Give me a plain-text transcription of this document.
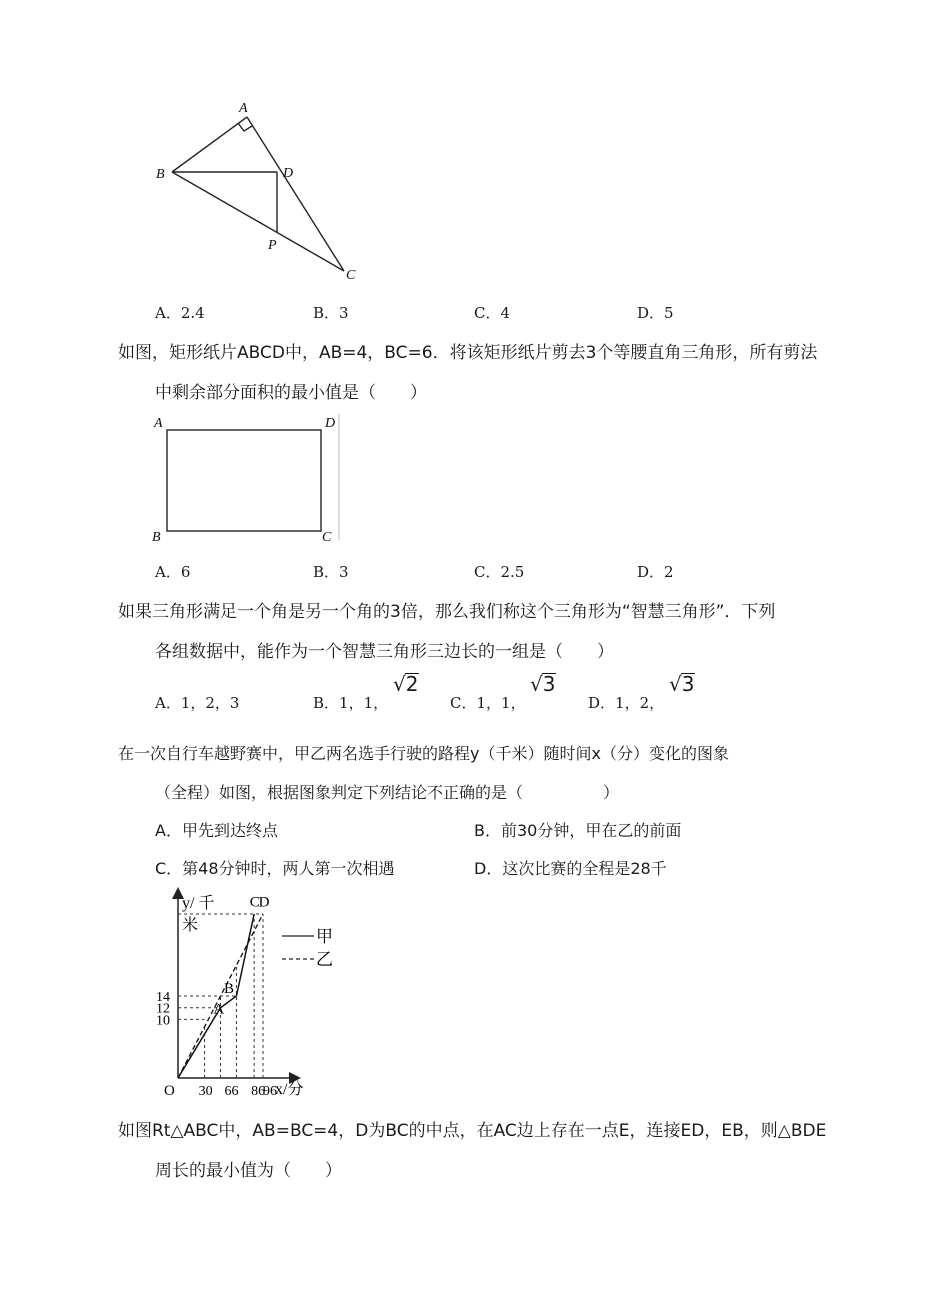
A
B	D
P
C
A．2.4	B．3	C．4	D．5
如图，矩形纸片ABCD中，AB=4，BC=6．将该矩形纸片剪去3个等腰直角三角形，所有剪法
中剩余部分面积的最小值是（　　）
A	D
B	C
A．6	B．3	C．2.5	D．2
如果三角形满足一个角是另一个角的3倍，那么我们称这个三角形为“智慧三角形”．下列
各组数据中，能作为一个智慧三角形三边长的一组是（　　）
A．1，2，3	B．1，1，
√2
C．1，1，
√3
D．1，2，
√3
在一次自行车越野赛中，甲乙两名选手行驶的路程y（千米）随时间x（分）变化的图象
（全程）如图，根据图象判定下列结论不正确的是（　　　　　）
A．甲先到达终点	B．前30分钟，甲在乙的前面
C．第48分钟时，两人第一次相遇	D．这次比赛的全程是28千
30 66 86
96
10
12
14
O	x/分
y/ 千
米
A
B
C
D
甲
乙
如图Rt△ABC中，AB=BC=4，D为BC的中点，在AC边上存在一点E，连接ED，EB，则△BDE
周长的最小值为（　　）
